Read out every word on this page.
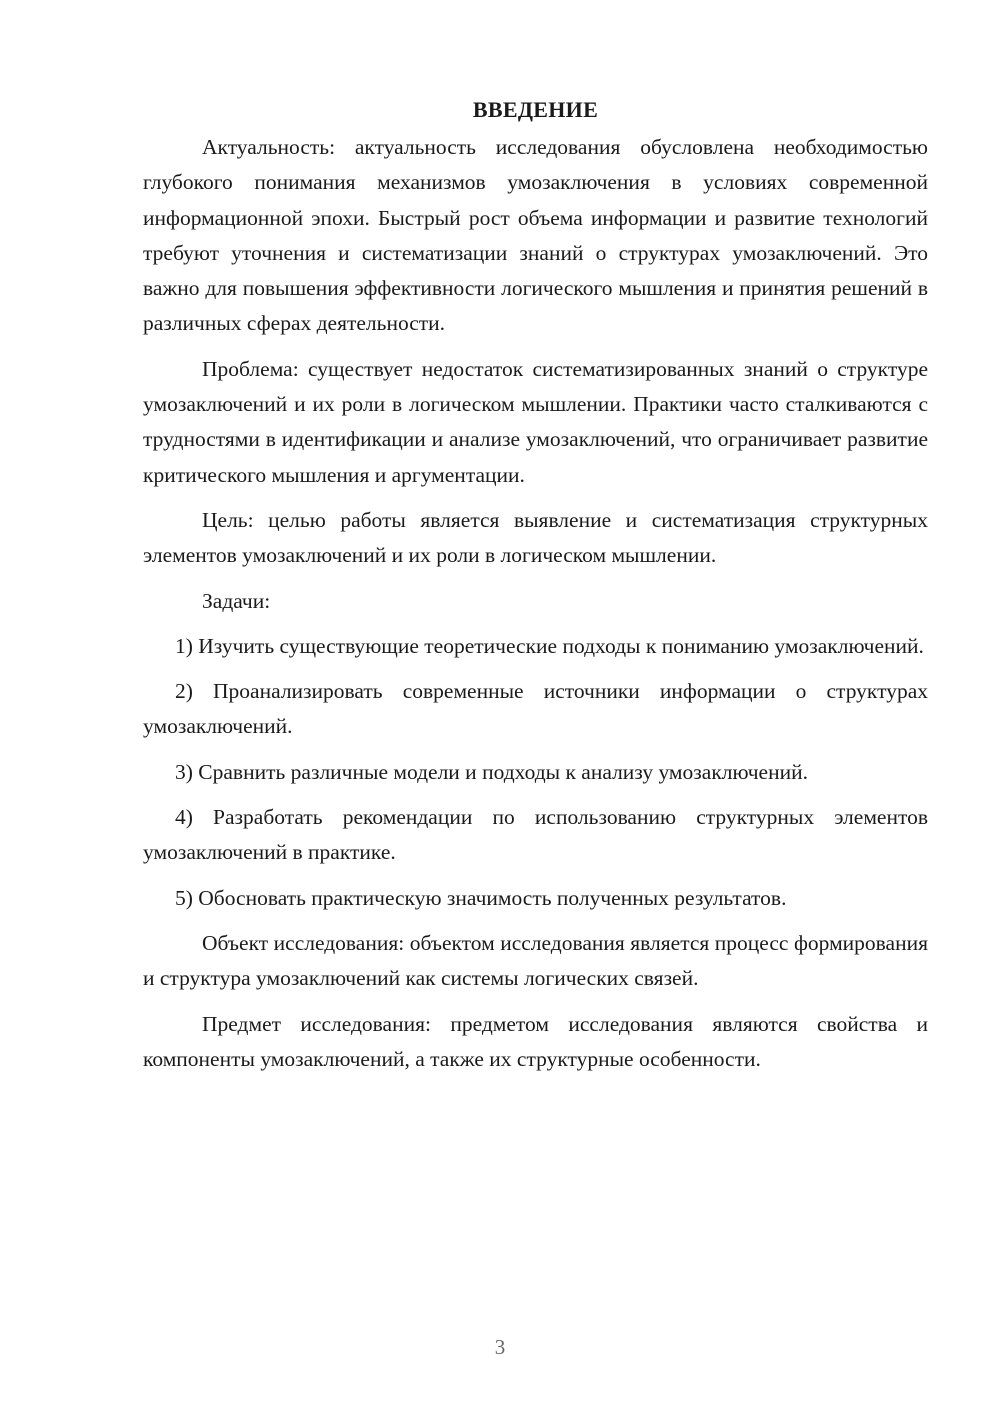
ВВЕДЕНИЕ

Актуальность: актуальность исследования обусловлена необходимостью глубокого понимания механизмов умозаключения в условиях современной информационной эпохи. Быстрый рост объема информации и развитие технологий требуют уточнения и систематизации знаний о структурах умозаключений. Это важно для повышения эффективности логического мышления и принятия решений в различных сферах деятельности.

Проблема: существует недостаток систематизированных знаний о структуре умозаключений и их роли в логическом мышлении. Практики часто сталкиваются с трудностями в идентификации и анализе умозаключений, что ограничивает развитие критического мышления и аргументации.

Цель: целью работы является выявление и систематизация структурных элементов умозаключений и их роли в логическом мышлении.

Задачи:

1) Изучить существующие теоретические подходы к пониманию умозаключений.

2) Проанализировать современные источники информации о структурах умозаключений.

3) Сравнить различные модели и подходы к анализу умозаключений.

4) Разработать рекомендации по использованию структурных элементов умозаключений в практике.

5) Обосновать практическую значимость полученных результатов.

Объект исследования: объектом исследования является процесс формирования и структура умозаключений как системы логических связей.

Предмет исследования: предметом исследования являются свойства и компоненты умозаключений, а также их структурные особенности.

3
